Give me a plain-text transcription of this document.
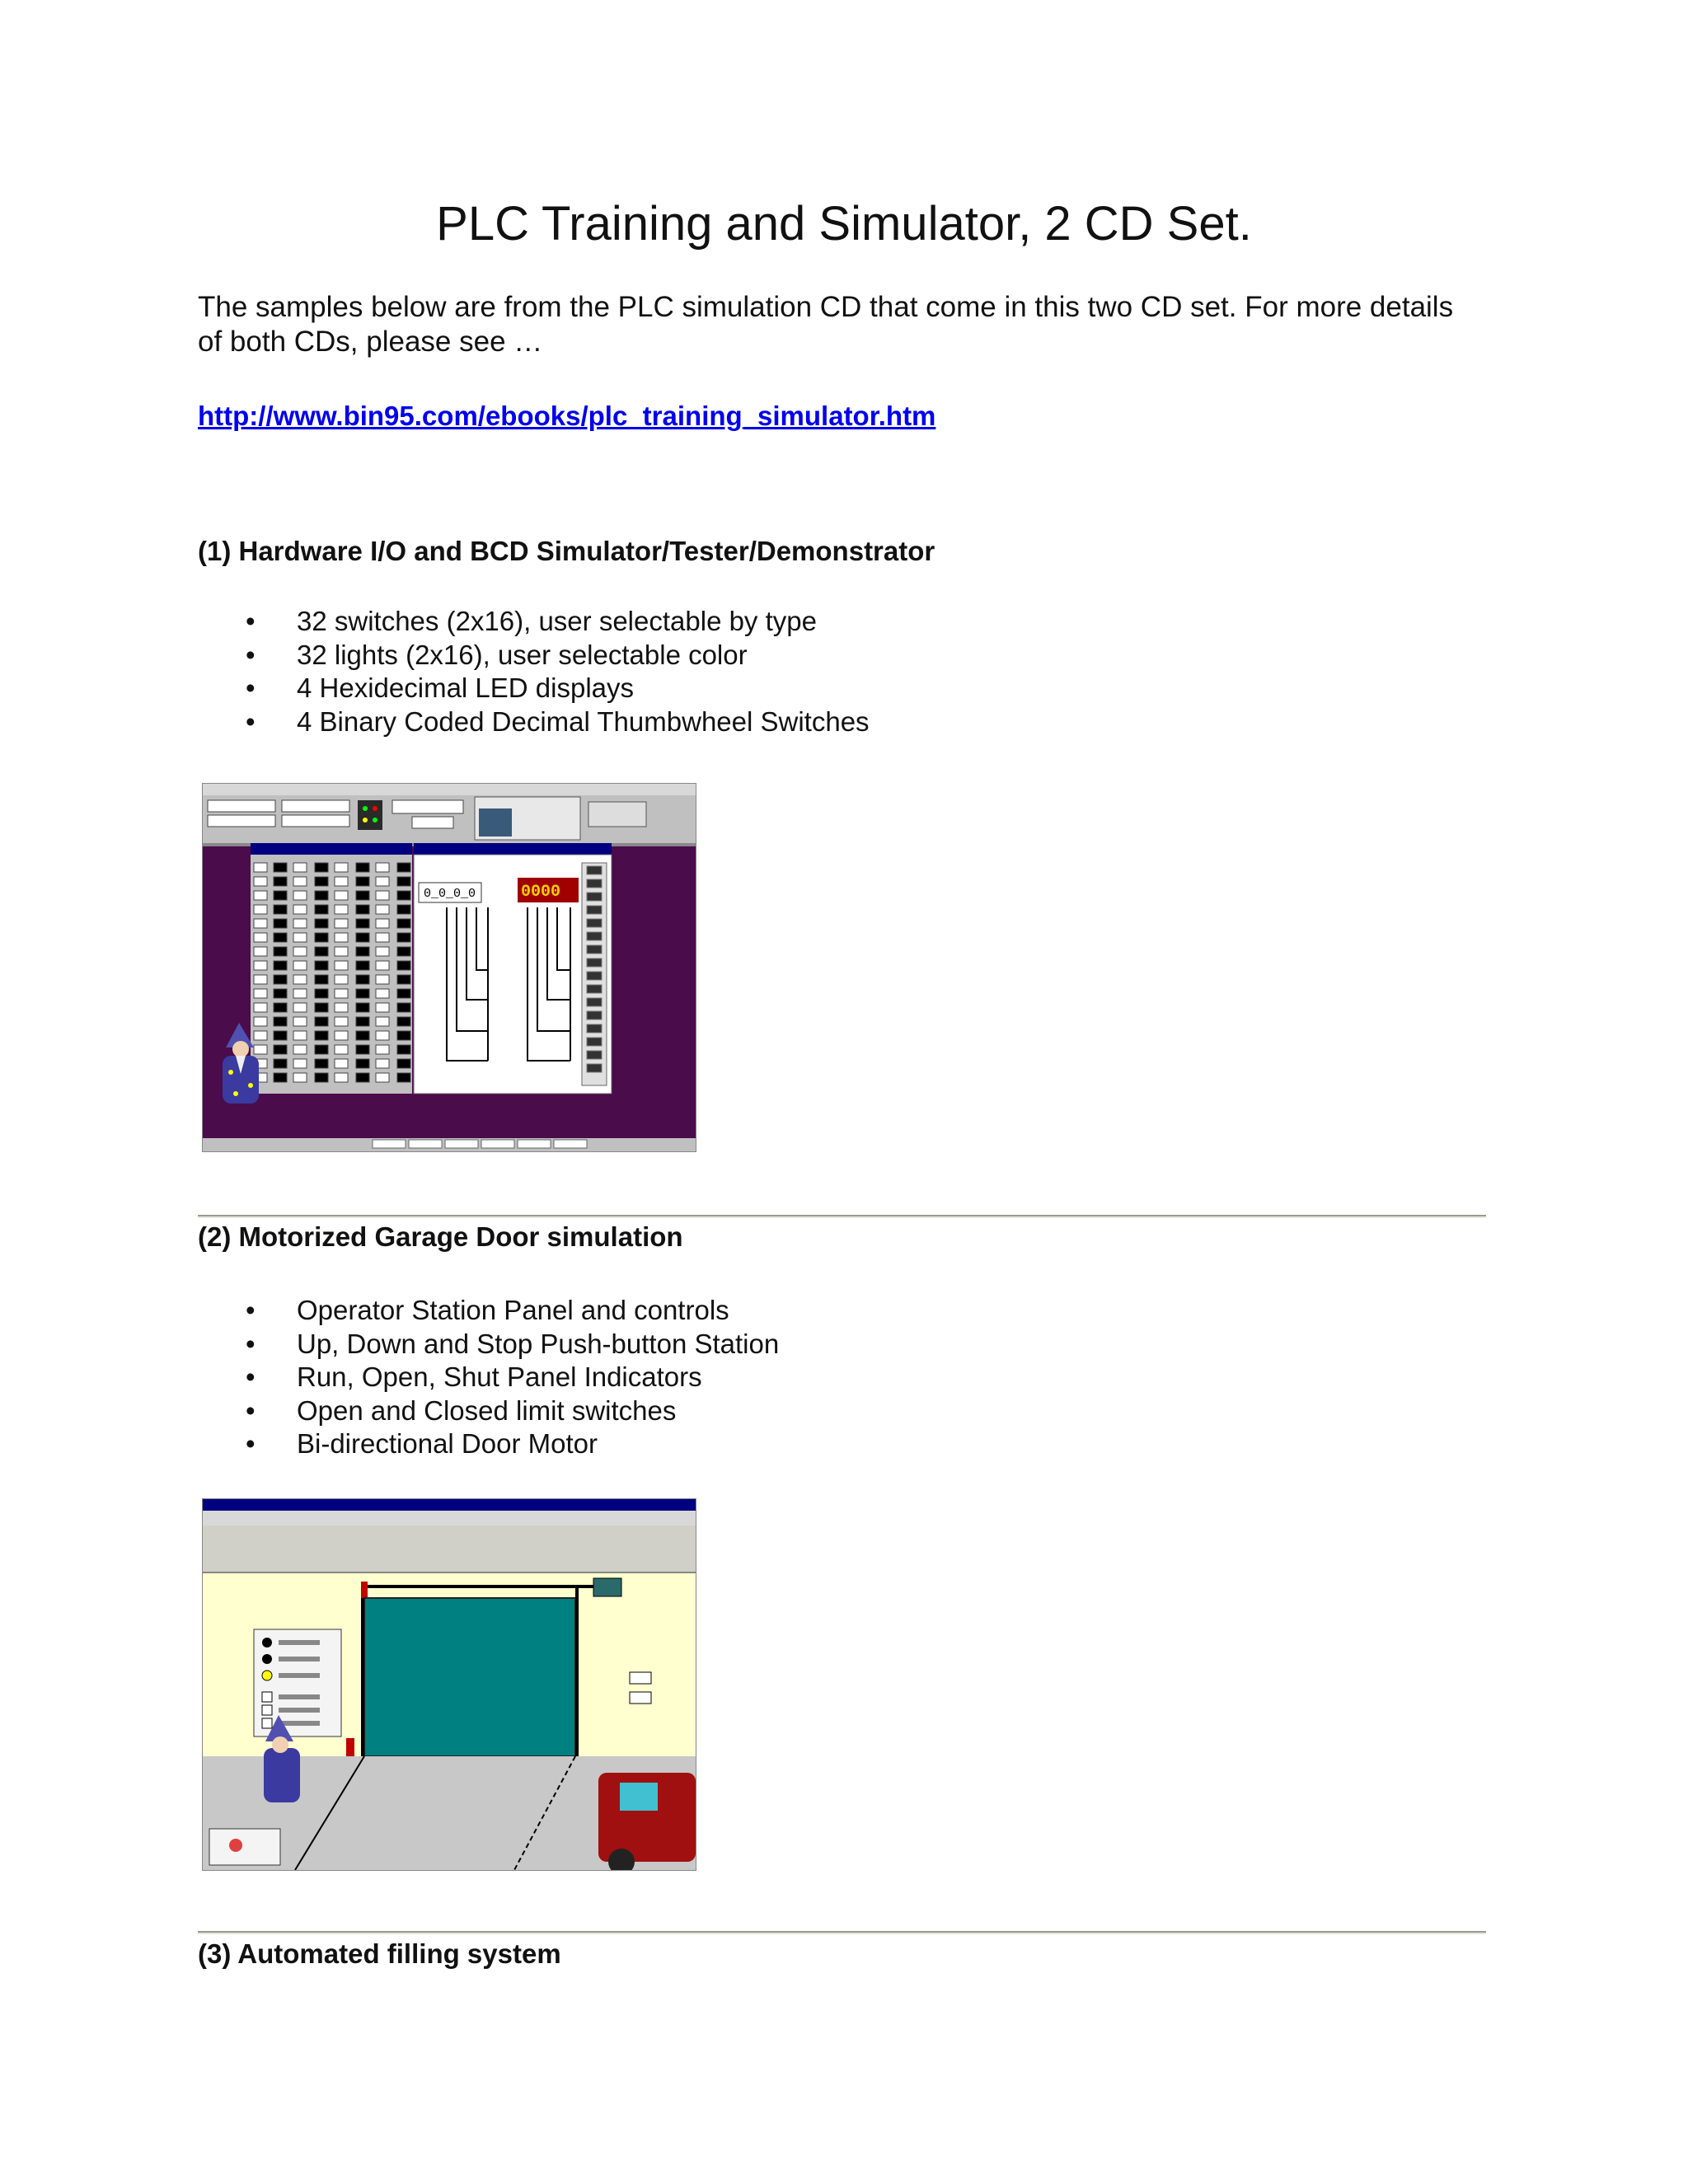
PLC Training and Simulator, 2 CD Set.

The samples below are from the PLC simulation CD that come in this two CD set. For more details of both CDs, please see …

http://www.bin95.com/ebooks/plc_training_simulator.htm
(1) Hardware I/O and BCD Simulator/Tester/Demonstrator
• 32 switches (2x16), user selectable by type
• 32 lights (2x16), user selectable color
• 4 Hexidecimal LED displays
• 4 Binary Coded Decimal Thumbwheel Switches
0_0_0_0	0000
(2) Motorized Garage Door simulation
• Operator Station Panel and controls
• Up, Down and Stop Push-button Station
• Run, Open, Shut Panel Indicators
• Open and Closed limit switches
• Bi-directional Door Motor
(3) Automated filling system
